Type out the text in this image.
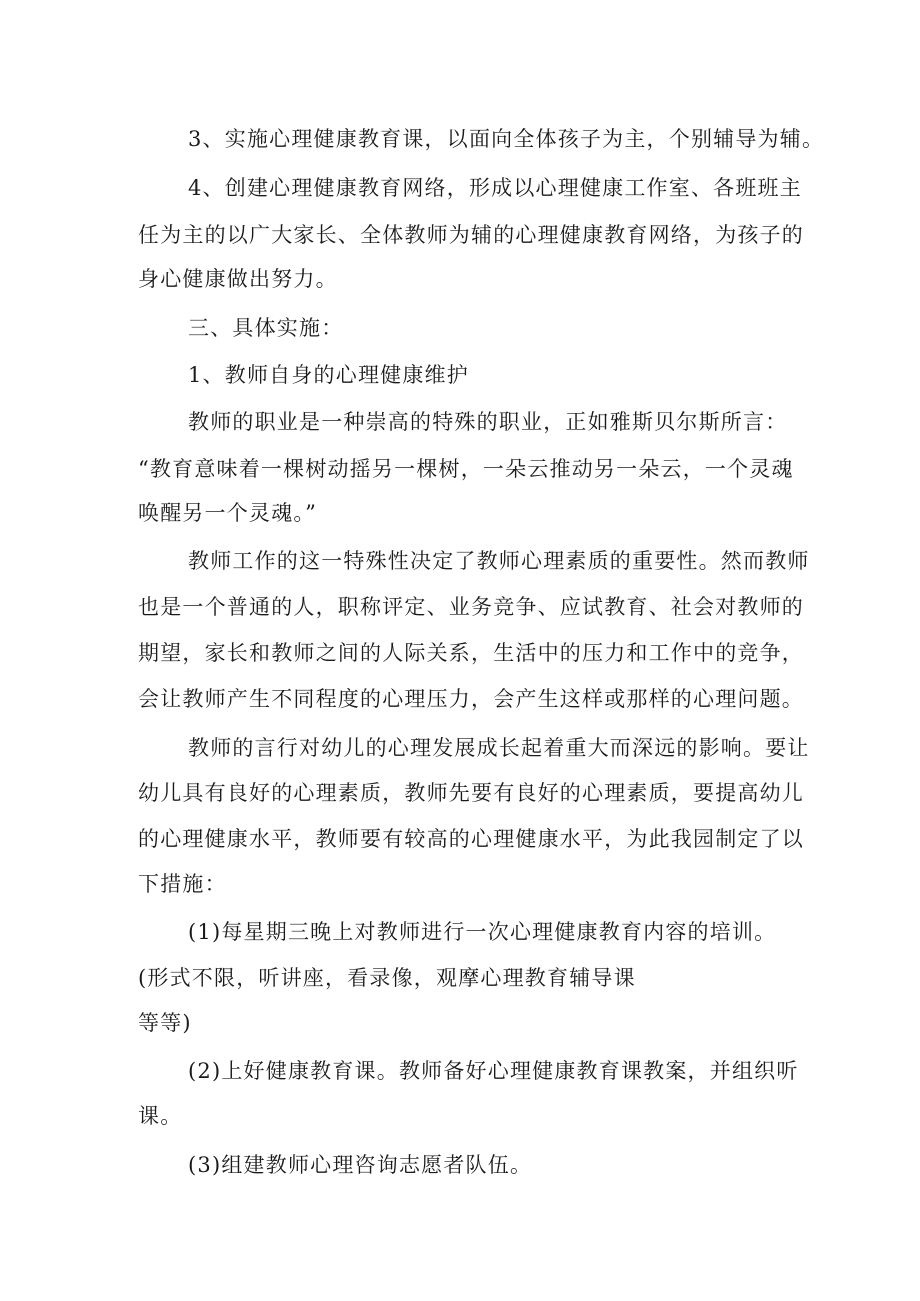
3、实施心理健康教育课，以面向全体孩子为主，个别辅导为辅。
4、创建心理健康教育网络，形成以心理健康工作室、各班班主
任为主的以广大家长、全体教师为辅的心理健康教育网络，为孩子的
身心健康做出努力。
三、具体实施：
1、教师自身的心理健康维护
教师的职业是一种崇高的特殊的职业，正如雅斯贝尔斯所言：
“教育意味着一棵树动摇另一棵树，一朵云推动另一朵云，一个灵魂
唤醒另一个灵魂。”
教师工作的这一特殊性决定了教师心理素质的重要性。然而教师
也是一个普通的人，职称评定、业务竞争、应试教育、社会对教师的
期望，家长和教师之间的人际关系，生活中的压力和工作中的竞争，
会让教师产生不同程度的心理压力，会产生这样或那样的心理问题。
教师的言行对幼儿的心理发展成长起着重大而深远的影响。要让
幼儿具有良好的心理素质，教师先要有良好的心理素质，要提高幼儿
的心理健康水平，教师要有较高的心理健康水平，为此我园制定了以
下措施：
(1)每星期三晚上对教师进行一次心理健康教育内容的培训。
(形式不限，听讲座，看录像，观摩心理教育辅导课
等等)
(2)上好健康教育课。教师备好心理健康教育课教案，并组织听
课。
(3)组建教师心理咨询志愿者队伍。
